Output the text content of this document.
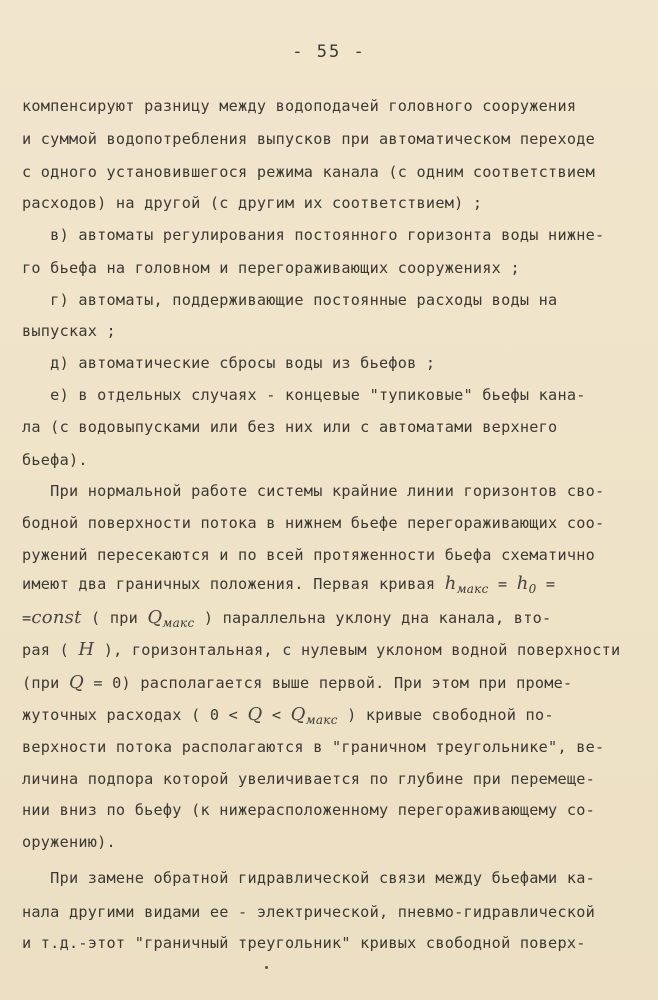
- 55 -
компенсируют разницу между водоподачей головного сооружения
и суммой водопотребления выпусков при автоматическом переходе
с одного установившегося режима канала (с одним соответствием
расходов) на другой (с другим их соответствием) ;
в) автоматы регулирования постоянного горизонта воды нижне-
го бьефа на головном и перегораживающих сооружениях ;
г) автоматы, поддерживающие постоянные расходы воды на
выпусках ;
д) автоматические сбросы воды из бьефов ;
е) в отдельных случаях - концевые "тупиковые" бьефы кана-
ла (с водовыпусками или без них или с автоматами верхнего
бьефа).
При нормальной работе системы крайние линии горизонтов сво-
бодной поверхности потока в нижнем бьефе перегораживающих соо-
ружений пересекаются и по всей протяженности бьефа схематично
имеют два граничных положения. Первая кривая $h_{макс} = h_0$ =
=const ( при $Q_{макс}$ ) параллельна уклону дна канала, вто-
рая ( H ), горизонтальная, с нулевым уклоном водной поверхности
(при Q = 0) располагается выше первой. При этом при проме-
жуточных расходах ( $0 < Q < Q_{макс}$ ) кривые свободной по-
верхности потока располагаются в "граничном треугольнике", ве-
личина подпора которой увеличивается по глубине при перемеще-
нии вниз по бьефу (к нижерасположенному перегораживающему со-
оружению).
При замене обратной гидравлической связи между бьефами ка-
нала другими видами ее - электрической, пневмо-гидравлической
и т.д.-этот "граничный треугольник" кривых свободной поверх-
